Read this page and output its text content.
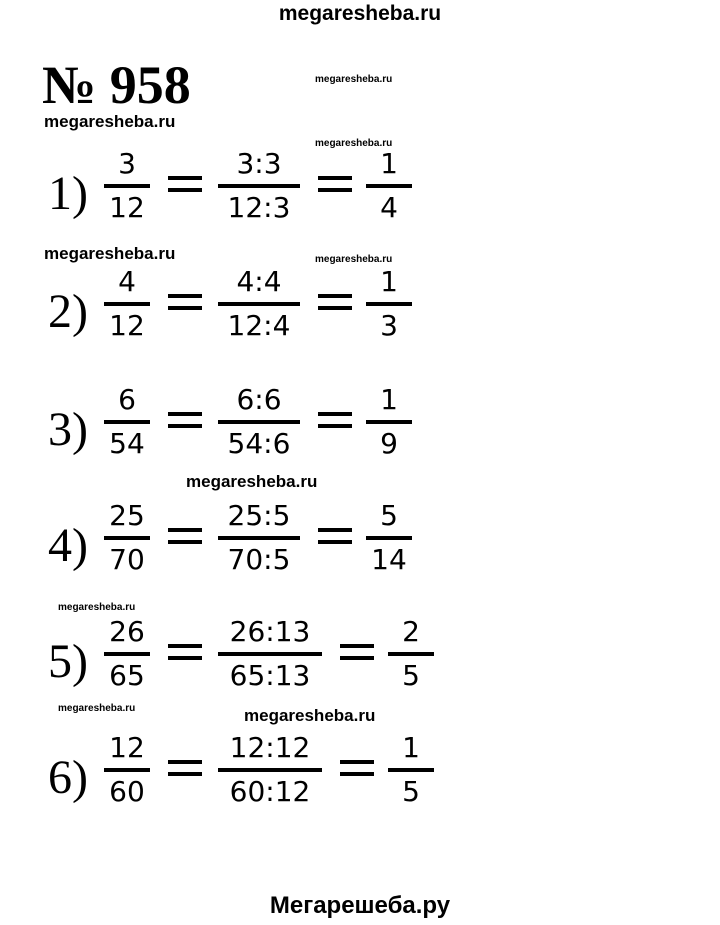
megaresheba.ru
№ 958	megaresheba.ru
megaresheba.ru
megaresheba.ru
megaresheba.ru	megaresheba.ru
megaresheba.ru
megaresheba.ru
megaresheba.ru	megaresheba.ru
1)
3
12
3:3
12:3
1
4
2)
4
12
4:4
12:4
1
3
3)
6
54
6:6
54:6
1
9
4)
25
70
25:5
70:5
5
14
5)
26
65
26:13
65:13
2
5
6)
12
60
12:12
60:12
1
5
Мегарешеба.ру
